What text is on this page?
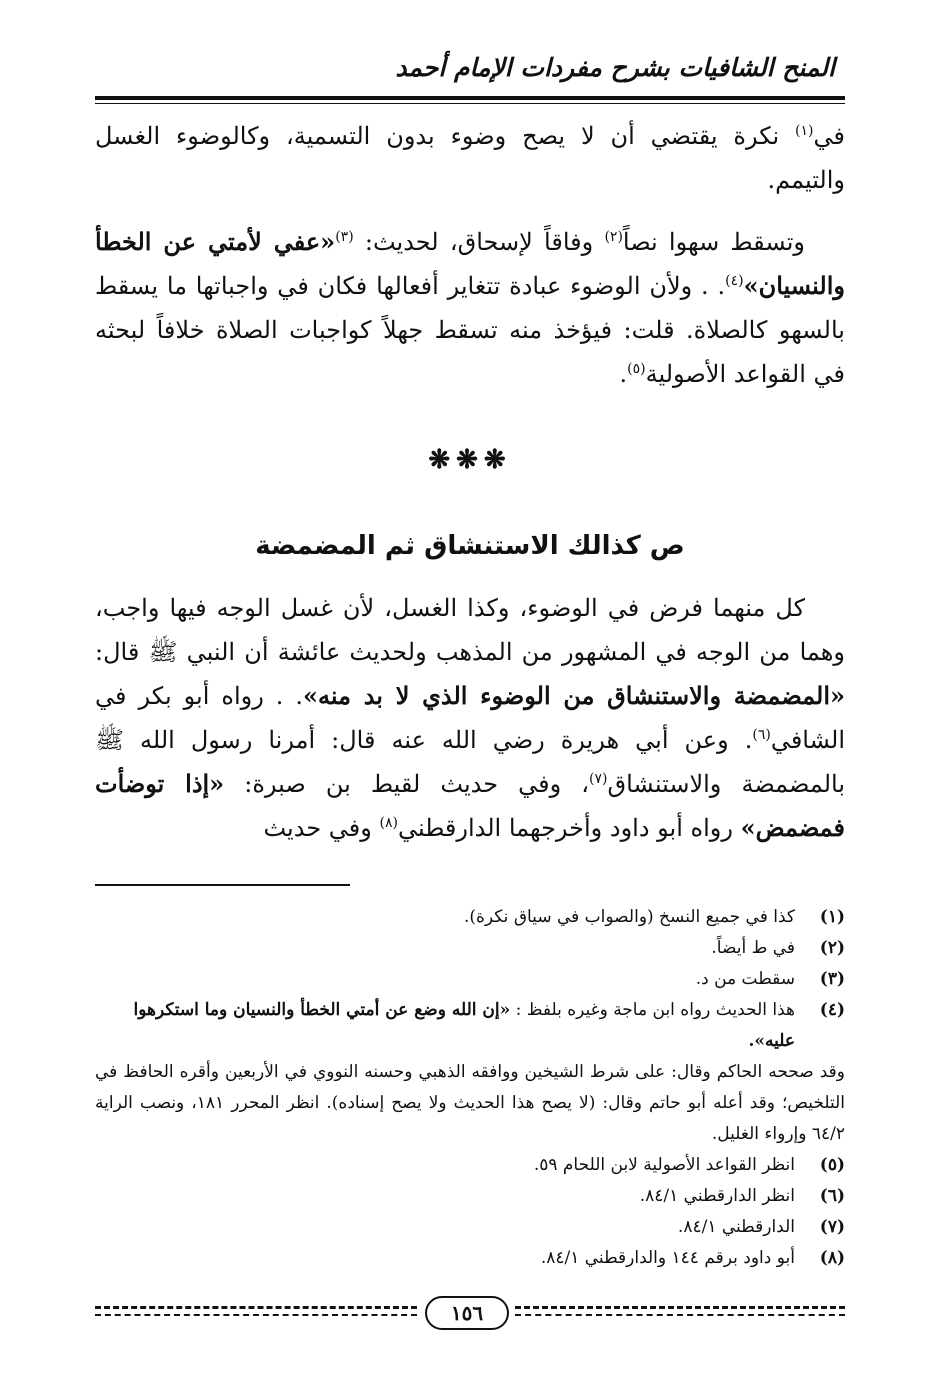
المنح الشافيات بشرح مفردات الإمام أحمد

في$^{(١)}$ نكرة يقتضي أن لا يصح وضوء بدون التسمية، وكالوضوء الغسل والتيمم.

وتسقط سهوا نصاً$^{(٢)}$ وفاقاً لإسحاق، لحديث: $^{(٣)}$«عفي لأمتي عن الخطأ والنسيان»$^{(٤)}$. . ولأن الوضوء عبادة تتغاير أفعالها فكان في واجباتها ما يسقط بالسهو كالصلاة. قلت: فيؤخذ منه تسقط جهلاً كواجبات الصلاة خلافاً لبحثه في القواعد الأصولية$^{(٥)}$.

❋❋❋
ص كذالك الاستنشاق ثم المضمضة

كل منهما فرض في الوضوء، وكذا الغسل، لأن غسل الوجه فيها واجب، وهما من الوجه في المشهور من المذهب ولحديث عائشة أن النبي ﷺ قال: «المضمضة والاستنشاق من الوضوء الذي لا بد منه». . رواه أبو بكر في الشافي$^{(٦)}$. وعن أبي هريرة رضي الله عنه قال: أمرنا رسول الله ﷺ بالمضمضة والاستنشاق$^{(٧)}$، وفي حديث لقيط بن صبرة: «إذا توضأت فمضمض» رواه أبو داود وأخرجهما الدارقطني$^{(٨)}$ وفي حديث

(١)
كذا في جميع النسخ (والصواب في سياق نكرة).
(٢)
في ط أيضاً.
(٣)
سقطت من د.
(٤)
هذا الحديث رواه ابن ماجة وغيره بلفظ : «إن الله وضع عن أمتي الخطأ والنسيان وما استكرهوا عليه».
وقد صححه الحاكم وقال: على شرط الشيخين ووافقه الذهبي وحسنه النووي في الأربعين وأقره الحافظ في التلخيص؛ وقد أعله أبو حاتم وقال: (لا يصح هذا الحديث ولا يصح إسناده). انظر المحرر ١٨١، ونصب الراية ٦٤/٢ وإرواء الغليل.
(٥)
انظر القواعد الأصولية لابن اللحام ٥٩.
(٦)
انظر الدارقطني ٨٤/١.
(٧)
الدارقطني ٨٤/١.
(٨)
أبو داود برقم ١٤٤ والدارقطني ٨٤/١.
١٥٦
